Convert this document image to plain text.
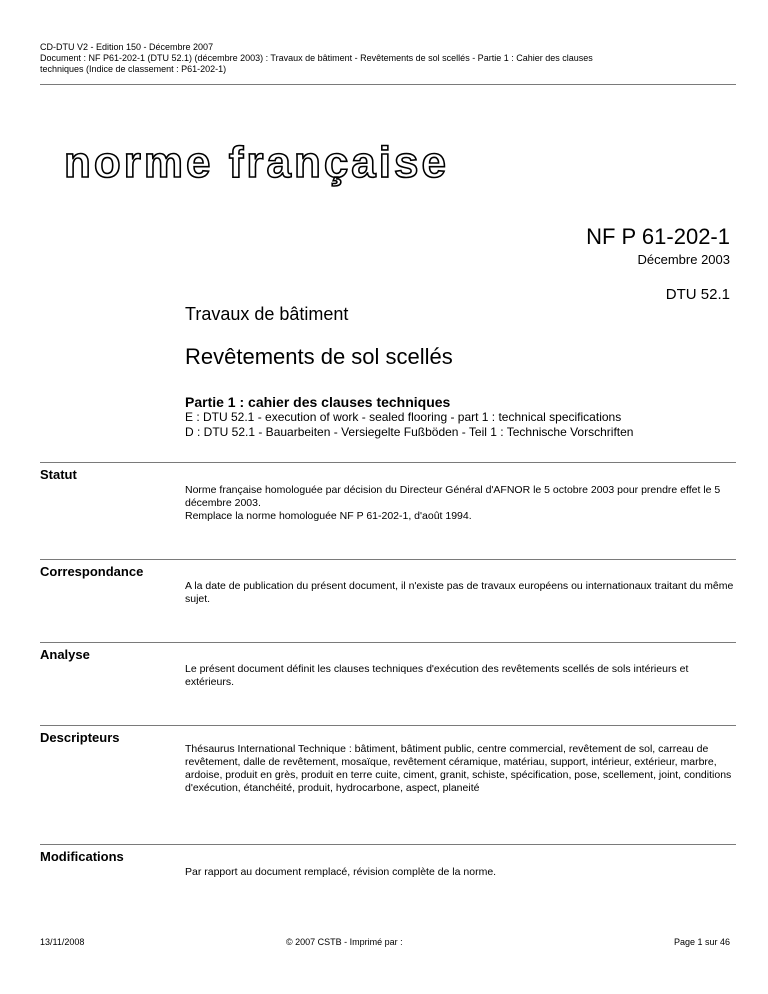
CD-DTU V2 - Edition 150 - Décembre 2007
Document : NF P61-202-1 (DTU 52.1) (décembre 2003) : Travaux de bâtiment - Revêtements de sol scellés - Partie 1 : Cahier des clauses
techniques (Indice de classement : P61-202-1)
norme française
NF P 61-202-1
Décembre 2003
DTU 52.1
Travaux de bâtiment
Revêtements de sol scellés
Partie 1 : cahier des clauses techniques
E : DTU 52.1 - execution of work - sealed flooring - part 1 : technical specifications
D : DTU 52.1 - Bauarbeiten - Versiegelte Fußböden - Teil 1 : Technische Vorschriften
Statut

Norme française homologuée par décision du Directeur Général d'AFNOR le 5 octobre 2003 pour prendre effet le 5 décembre 2003.

Remplace la norme homologuée NF P 61-202-1, d'août 1994.

Correspondance

A la date de publication du présent document, il n'existe pas de travaux européens ou internationaux traitant du même sujet.

Analyse

Le présent document définit les clauses techniques d'exécution des revêtements scellés de sols intérieurs et extérieurs.

Descripteurs

Thésaurus International Technique : bâtiment, bâtiment public, centre commercial, revêtement de sol, carreau de revêtement, dalle de revêtement, mosaïque, revêtement céramique, matériau, support, intérieur, extérieur, marbre, ardoise, produit en grès, produit en terre cuite, ciment, granit, schiste, spécification, pose, scellement, joint, conditions d'exécution, étanchéité, produit, hydrocarbone, aspect, planeité

Modifications

Par rapport au document remplacé, révision complète de la norme.

13/11/2008	© 2007 CSTB - Imprimé par :	Page 1 sur 46
